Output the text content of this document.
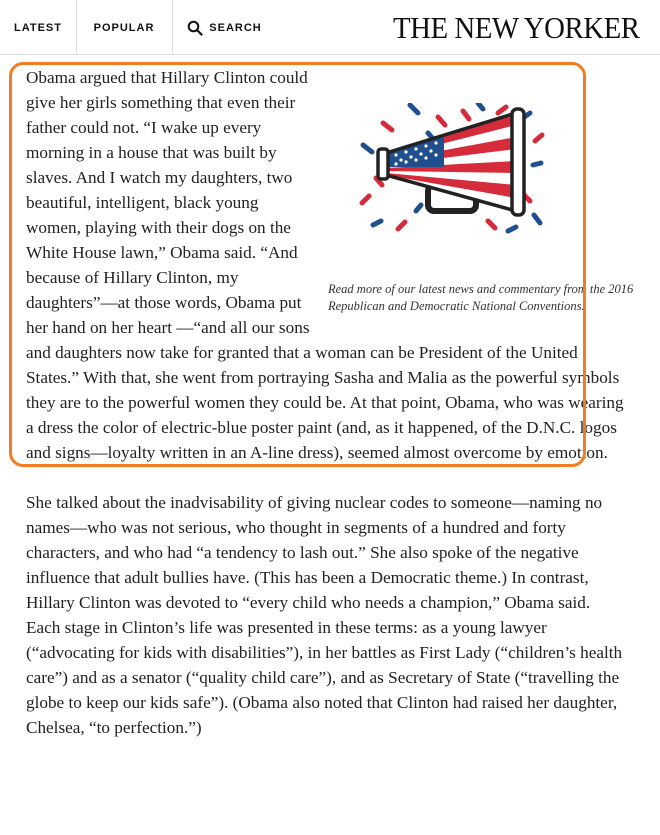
LATEST	POPULAR	SEARCH	THE NEW YORKER
Read more of our latest news and commentary from the 2016 Republican and Democratic National Conventions.

Obama argued that Hillary Clinton could give her girls something that even their father could not. “I wake up every morning in a house that was built by slaves. And I watch my daughters, two beautiful, intelligent, black young women, playing with their dogs on the White House lawn,” Obama said. “And because of Hillary Clinton, my daughters”—at those words, Obama put her hand on her heart —“and all our sons and daughters now take for granted that a woman can be President of the United States.” With that, she went from portraying Sasha and Malia as the powerful symbols they are to the powerful women they could be. At that point, Obama, who was wearing a dress the color of electric-blue poster paint (and, as it happened, of the D.N.C. logos and signs—loyalty written in an A-line dress), seemed almost overcome by emotion.

She talked about the inadvisability of giving nuclear codes to someone—naming no names—who was not serious, who thought in segments of a hundred and forty characters, and who had “a tendency to lash out.” She also spoke of the negative influence that adult bullies have. (This has been a Democratic theme.) In contrast, Hillary Clinton was devoted to “every child who needs a champion,” Obama said. Each stage in Clinton’s life was presented in these terms: as a young lawyer (“advocating for kids with disabilities”), in her battles as First Lady (“children’s health care”) and as a senator (“quality child care”), and as Secretary of State (“travelling the globe to keep our kids safe”). (Obama also noted that Clinton had raised her daughter, Chelsea, “to perfection.”)
